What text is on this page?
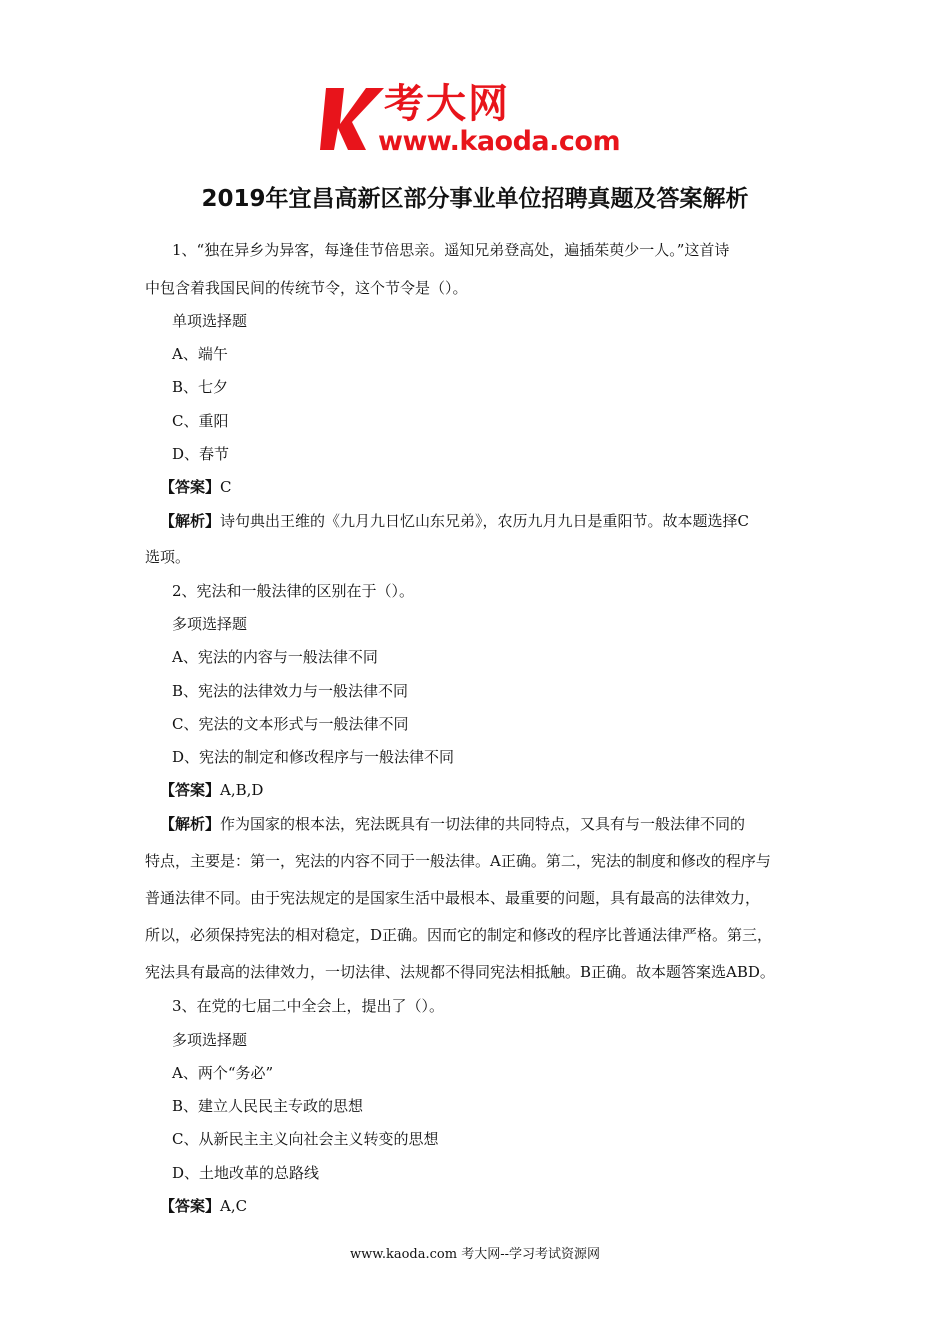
考大网
www.kaoda.com
2019年宜昌高新区部分事业单位招聘真题及答案解析
1、“独在异乡为异客，每逢佳节倍思亲。遥知兄弟登高处，遍插茱萸少一人。”这首诗
中包含着我国民间的传统节令，这个节令是（）。
单项选择题
A、端午
B、七夕
C、重阳
D、春节
【答案】C
【解析】诗句典出王维的《九月九日忆山东兄弟》，农历九月九日是重阳节。故本题选择C
选项。
2、宪法和一般法律的区别在于（）。
多项选择题
A、宪法的内容与一般法律不同
B、宪法的法律效力与一般法律不同
C、宪法的文本形式与一般法律不同
D、宪法的制定和修改程序与一般法律不同
【答案】A,B,D
【解析】作为国家的根本法，宪法既具有一切法律的共同特点，又具有与一般法律不同的
特点，主要是：第一，宪法的内容不同于一般法律。A正确。第二，宪法的制度和修改的程序与
普通法律不同。由于宪法规定的是国家生活中最根本、最重要的问题，具有最高的法律效力，
所以，必须保持宪法的相对稳定，D正确。因而它的制定和修改的程序比普通法律严格。第三，
宪法具有最高的法律效力，一切法律、法规都不得同宪法相抵触。B正确。故本题答案选ABD。
3、在党的七届二中全会上，提出了（）。
多项选择题
A、两个“务必”
B、建立人民民主专政的思想
C、从新民主主义向社会主义转变的思想
D、土地改革的总路线
【答案】A,C
www.kaoda.com 考大网--学习考试资源网
